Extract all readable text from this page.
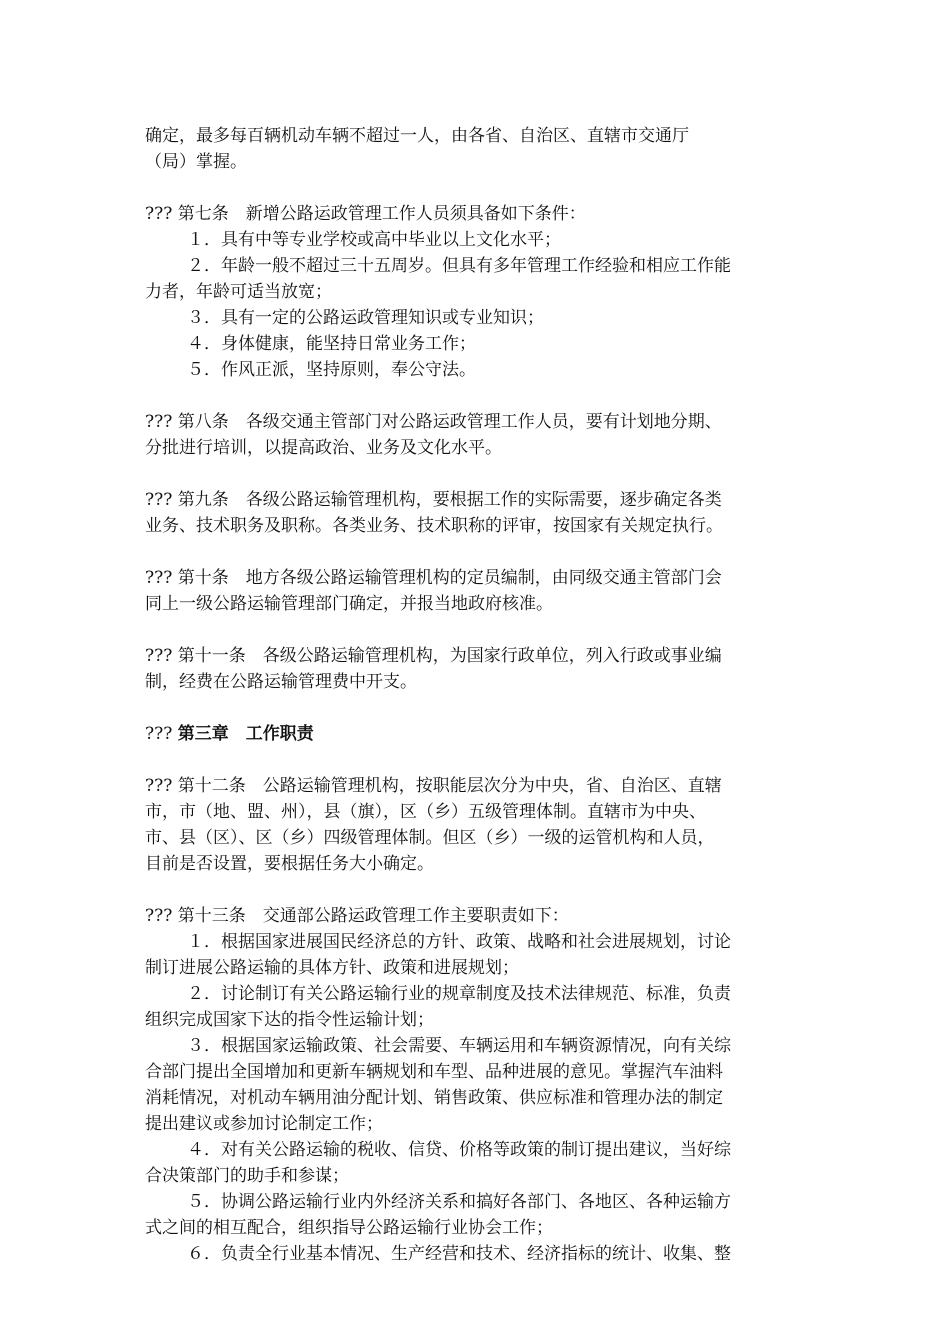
确定，最多每百辆机动车辆不超过一人，由各省、自治区、直辖市交通厅
（局）掌握。
??? 第七条　新增公路运政管理工作人员须具备如下条件：
１．具有中等专业学校或高中毕业以上文化水平；
２．年龄一般不超过三十五周岁。但具有多年管理工作经验和相应工作能
力者，年龄可适当放宽；
３．具有一定的公路运政管理知识或专业知识；
４．身体健康，能坚持日常业务工作；
５．作风正派，坚持原则，奉公守法。
??? 第八条　各级交通主管部门对公路运政管理工作人员，要有计划地分期、
分批进行培训，以提高政治、业务及文化水平。
??? 第九条　各级公路运输管理机构，要根据工作的实际需要，逐步确定各类
业务、技术职务及职称。各类业务、技术职称的评审，按国家有关规定执行。
??? 第十条　地方各级公路运输管理机构的定员编制，由同级交通主管部门会
同上一级公路运输管理部门确定，并报当地政府核准。
??? 第十一条　各级公路运输管理机构，为国家行政单位，列入行政或事业编
制，经费在公路运输管理费中开支。
??? 第三章　工作职责
??? 第十二条　公路运输管理机构，按职能层次分为中央，省、自治区、直辖
市，市（地、盟、州），县（旗），区（乡）五级管理体制。直辖市为中央、
市、县（区）、区（乡）四级管理体制。但区（乡）一级的运管机构和人员，
目前是否设置，要根据任务大小确定。
??? 第十三条　交通部公路运政管理工作主要职责如下：
１．根据国家进展国民经济总的方针、政策、战略和社会进展规划，讨论
制订进展公路运输的具体方针、政策和进展规划；
２．讨论制订有关公路运输行业的规章制度及技术法律规范、标准，负责
组织完成国家下达的指令性运输计划；
３．根据国家运输政策、社会需要、车辆运用和车辆资源情况，向有关综
合部门提出全国增加和更新车辆规划和车型、品种进展的意见。掌握汽车油料
消耗情况，对机动车辆用油分配计划、销售政策、供应标准和管理办法的制定
提出建议或参加讨论制定工作；
４．对有关公路运输的税收、信贷、价格等政策的制订提出建议，当好综
合决策部门的助手和参谋；
５．协调公路运输行业内外经济关系和搞好各部门、各地区、各种运输方
式之间的相互配合，组织指导公路运输行业协会工作；
６．负责全行业基本情况、生产经营和技术、经济指标的统计、收集、整
